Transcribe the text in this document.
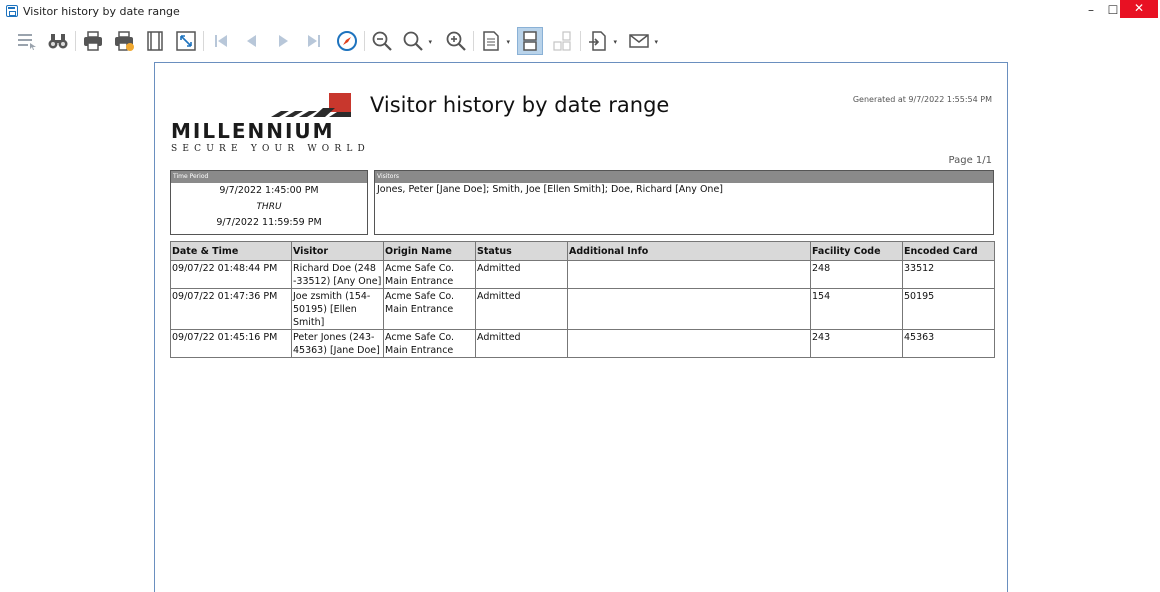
Visitor history by date range	–	☐	✕
▾	▾	▾	▾
MILLENNIUM
SECURE YOUR WORLD
Visitor history by date range	Generated at 9/7/2022 1:55:54 PM
Page 1/1
Time Period
9/7/2022 1:45:00 PM
THRU
9/7/2022 11:59:59 PM
Visitors
Jones, Peter [Jane Doe]; Smith, Joe [Ellen Smith]; Doe, Richard [Any One]
Date & Time	Visitor	Origin Name	Status	Additional Info	Facility Code	Encoded Card
09/07/22 01:48:44 PM	Richard Doe (248 -33512) [Any One]	Acme Safe Co. Main Entrance	Admitted		248	33512
09/07/22 01:47:36 PM	Joe zsmith (154-50195) [Ellen Smith]	Acme Safe Co. Main Entrance	Admitted		154	50195
09/07/22 01:45:16 PM	Peter Jones (243-45363) [Jane Doe]	Acme Safe Co. Main Entrance	Admitted		243	45363
